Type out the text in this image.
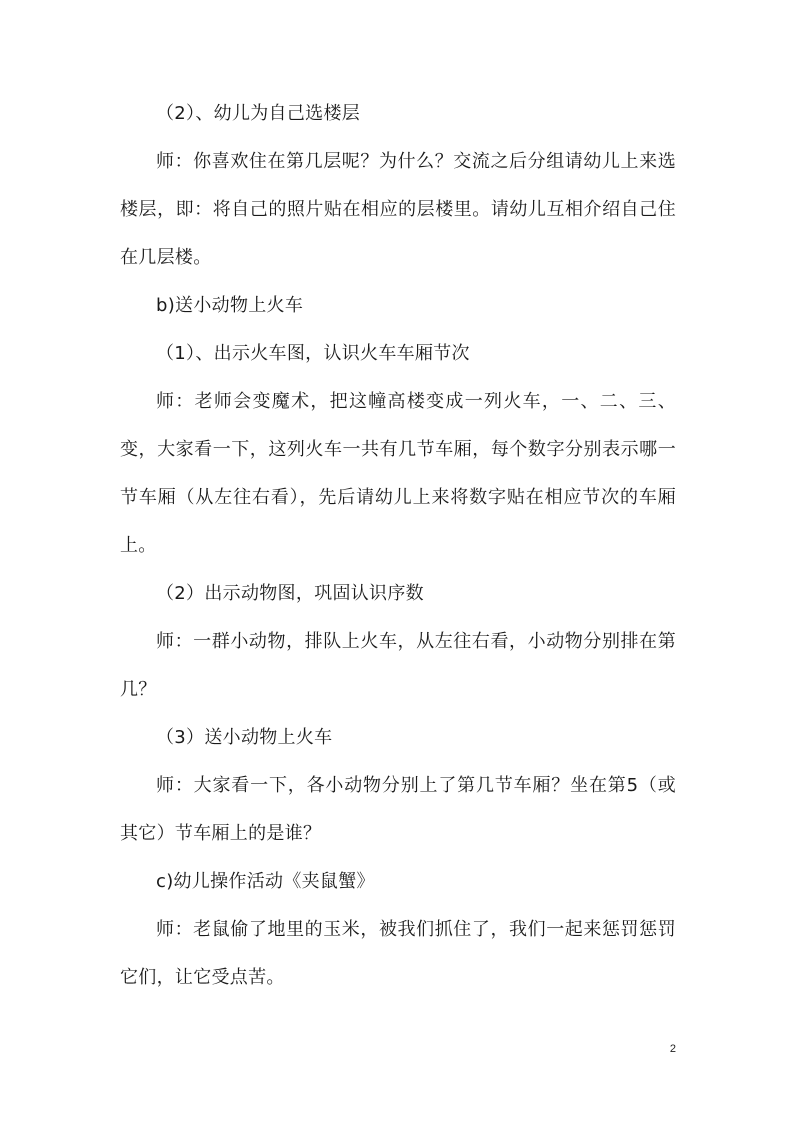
（2）、幼儿为自己选楼层

师：你喜欢住在第几层呢？为什么？交流之后分组请幼儿上来选楼层，即：将自己的照片贴在相应的层楼里。请幼儿互相介绍自己住在几层楼。

b)送小动物上火车

（1）、出示火车图，认识火车车厢节次

师：老师会变魔术，把这幢高楼变成一列火车，一、二、三、变，大家看一下，这列火车一共有几节车厢，每个数字分别表示哪一节车厢（从左往右看），先后请幼儿上来将数字贴在相应节次的车厢上。

（2）出示动物图，巩固认识序数

师：一群小动物，排队上火车，从左往右看，小动物分别排在第几？

（3）送小动物上火车

师：大家看一下，各小动物分别上了第几节车厢？坐在第5（或其它）节车厢上的是谁？

c)幼儿操作活动《夹鼠蟹》

师：老鼠偷了地里的玉米，被我们抓住了，我们一起来惩罚惩罚它们，让它受点苦。

2
